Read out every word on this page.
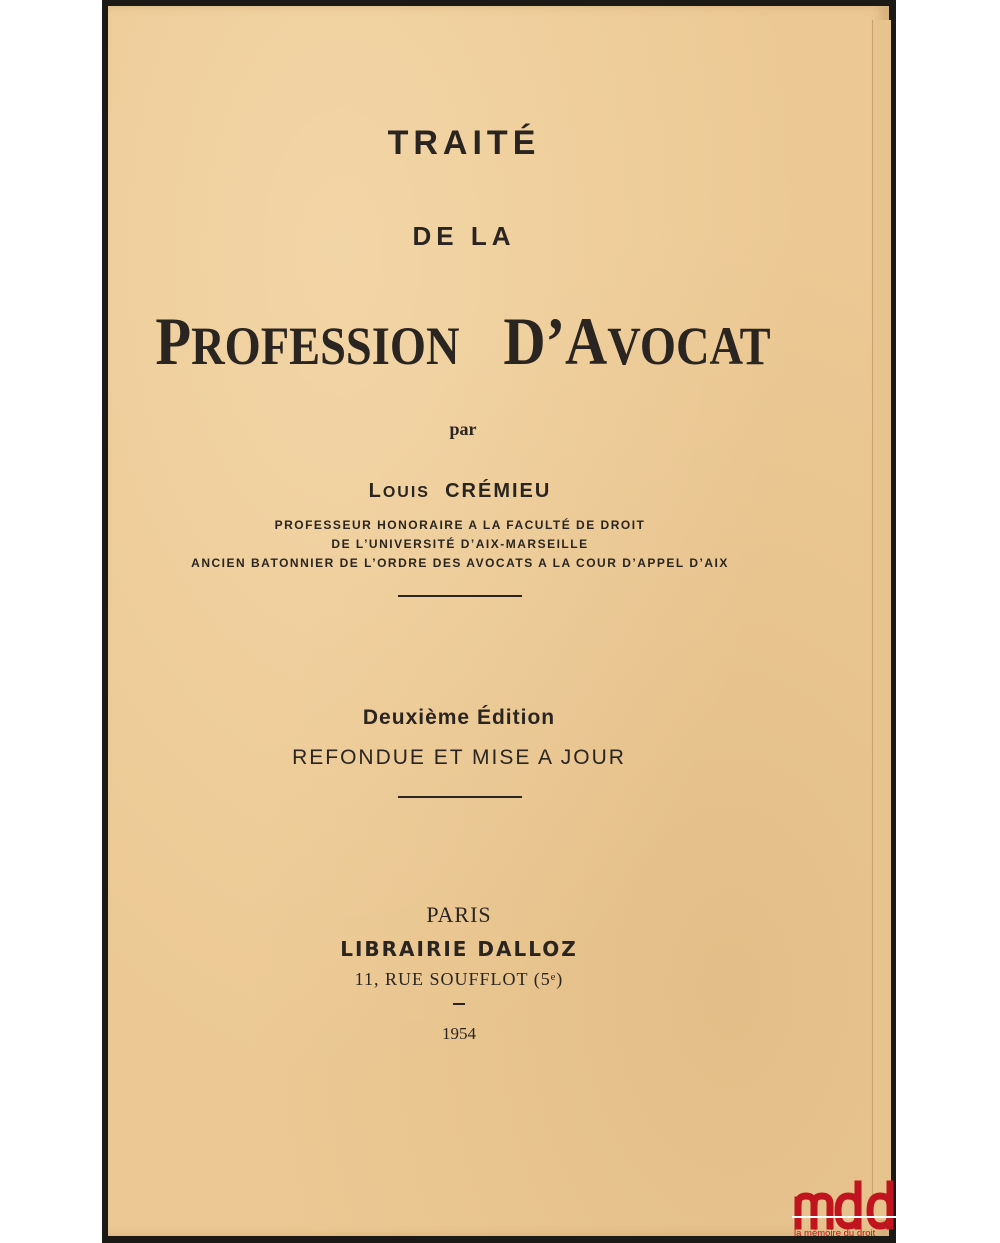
TRAITÉ
DE LA
PROFESSION D’AVOCAT
par
LOUIS CRÉMIEU
PROFESSEUR HONORAIRE A LA FACULTÉ DE DROIT
DE L’UNIVERSITÉ D’AIX-MARSEILLE
ANCIEN BATONNIER DE L’ORDRE DES AVOCATS A LA COUR D’APPEL D’AIX
Deuxième Édition
REFONDUE ET MISE A JOUR
PARIS
LIBRAIRIE DALLOZ
11, RUE SOUFFLOT (5ᵉ)
1954
la mémoire du droit
